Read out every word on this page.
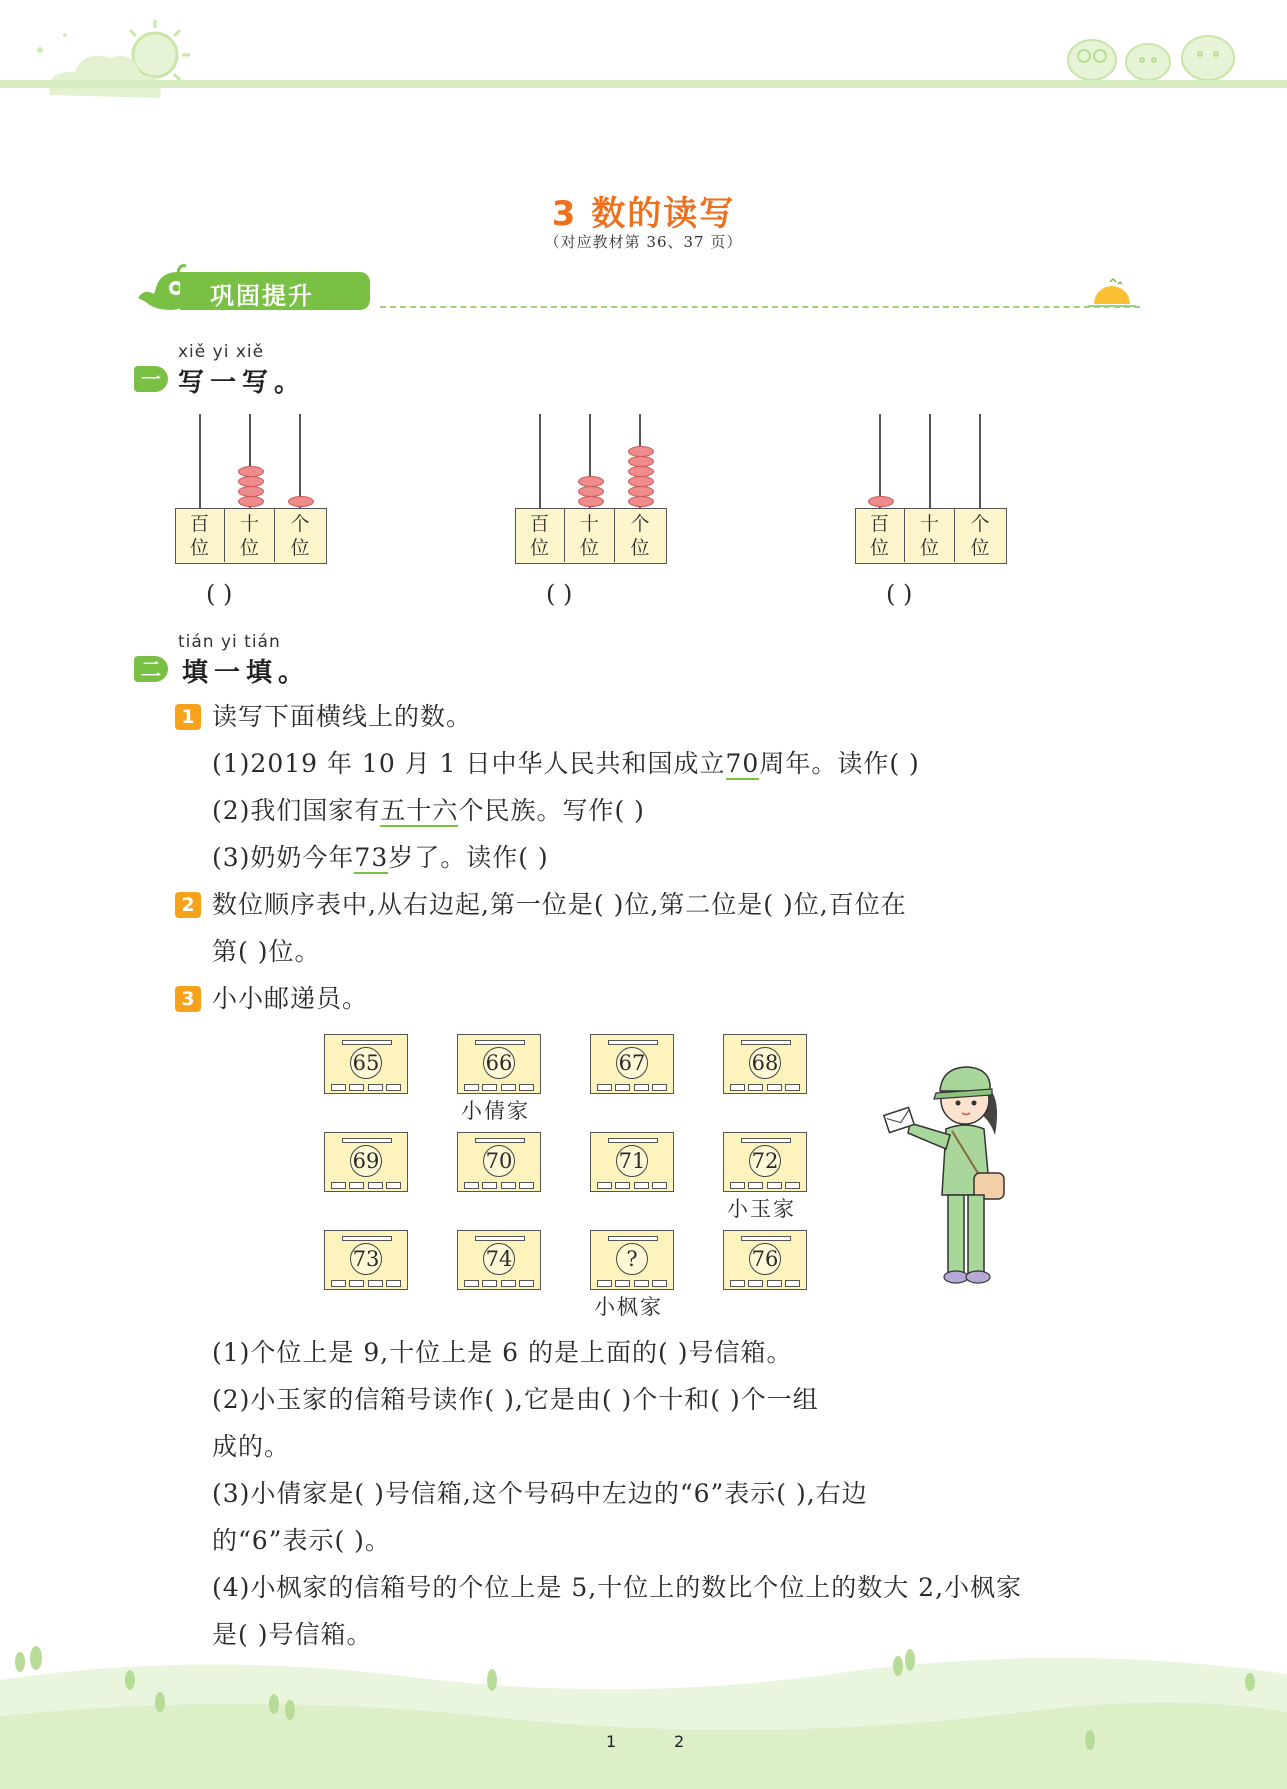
3 数的读写
（对应教材第 36、37 页）
巩固提升
xiě yi xiě
一 写一写。
百
位
十
位
个
位
( )
百
位
十
位
个
位
( )
百
位
十
位
个
位
( )
tián yi tián
二 填一填。
1 读写下面横线上的数。
(1)2019 年 10 月 1 日中华人民共和国成立70周年。读作( )
(2)我们国家有五十六个民族。写作( )
(3)奶奶今年73岁了。读作( )
2 数位顺序表中,从右边起,第一位是( )位,第二位是( )位,百位在
第( )位。
3 小小邮递员。
65	66	67	68
小倩家
69	70	71	72
小玉家
73	74	?	76
小枫家
(1)个位上是 9,十位上是 6 的是上面的( )号信箱。
(2)小玉家的信箱号读作( ),它是由( )个十和( )个一组
成的。
(3)小倩家是( )号信箱,这个号码中左边的“6”表示( ),右边
的“6”表示( )。
(4)小枫家的信箱号的个位上是 5,十位上的数比个位上的数大 2,小枫家
是( )号信箱。
1	2
